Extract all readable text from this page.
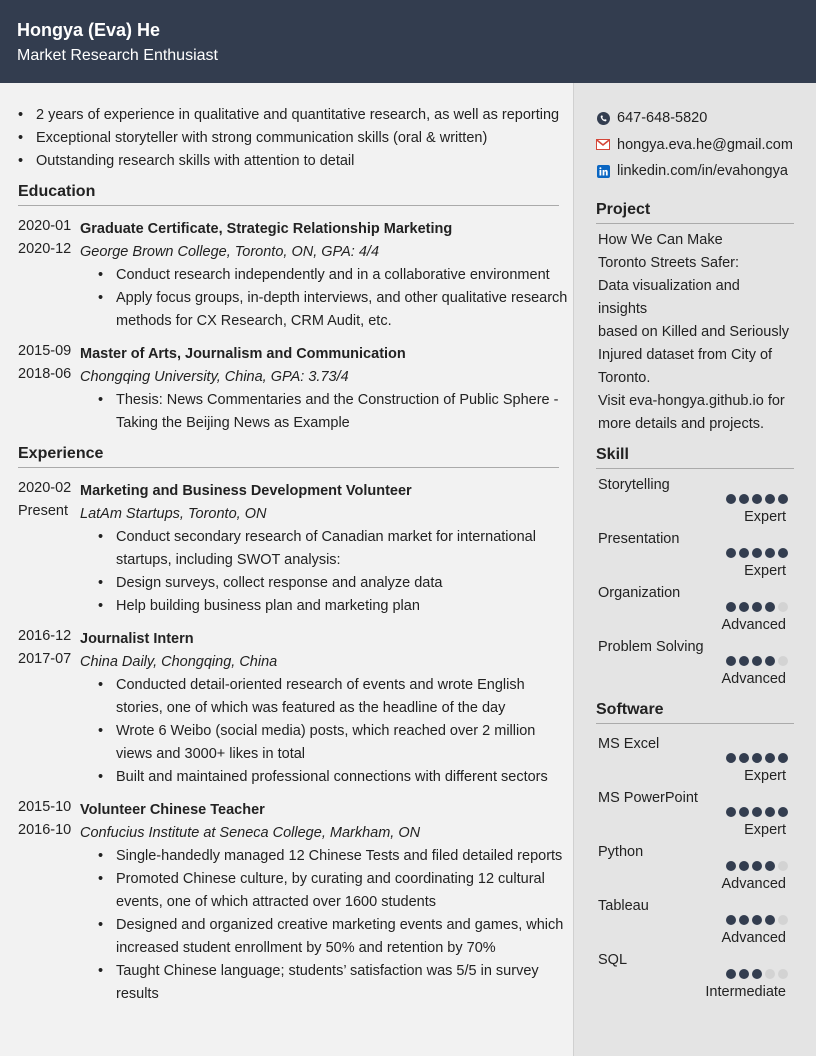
Hongya (Eva) He
Market Research Enthusiast
• 2 years of experience in qualitative and quantitative research, as well as reporting
• Exceptional storyteller with strong communication skills (oral & written)
• Outstanding research skills with attention to detail
Education
2020-01
2020-12
Graduate Certificate, Strategic Relationship Marketing
George Brown College, Toronto, ON, GPA: 4/4
• Conduct research independently and in a collaborative environment
• Apply focus groups, in-depth interviews, and other qualitative research methods for CX Research, CRM Audit, etc.
2015-09
2018-06
Master of Arts, Journalism and Communication
Chongqing University, China, GPA: 3.73/4
• Thesis: News Commentaries and the Construction of Public Sphere - Taking the Beijing News as Example
Experience
2020-02
Present
Marketing and Business Development Volunteer
LatAm Startups, Toronto, ON
• Conduct secondary research of Canadian market for international startups, including SWOT analysis:
• Design surveys, collect response and analyze data
• Help building business plan and marketing plan
2016-12
2017-07
Journalist Intern
China Daily, Chongqing, China
• Conducted detail-oriented research of events and wrote English stories, one of which was featured as the headline of the day
• Wrote 6 Weibo (social media) posts, which reached over 2 million views and 3000+ likes in total
• Built and maintained professional connections with different sectors
2015-10
2016-10
Volunteer Chinese Teacher
Confucius Institute at Seneca College, Markham, ON
• Single-handedly managed 12 Chinese Tests and filed detailed reports
• Promoted Chinese culture, by curating and coordinating 12 cultural events, one of which attracted over 1600 students
• Designed and organized creative marketing events and games, which increased student enrollment by 50% and retention by 70%
• Taught Chinese language; students’ satisfaction was 5/5 in survey results
647-648-5820
hongya.eva.he@gmail.com
linkedin.com/in/evahongya
Project
How We Can Make
Toronto Streets Safer:
Data visualization and insights
based on Killed and Seriously
Injured dataset from City of
Toronto.
Visit eva-hongya.github.io for
more details and projects.
Skill
Storytelling
Expert
Presentation
Expert
Organization
Advanced
Problem Solving
Advanced
Software
MS Excel
Expert
MS PowerPoint
Expert
Python
Advanced
Tableau
Advanced
SQL
Intermediate
